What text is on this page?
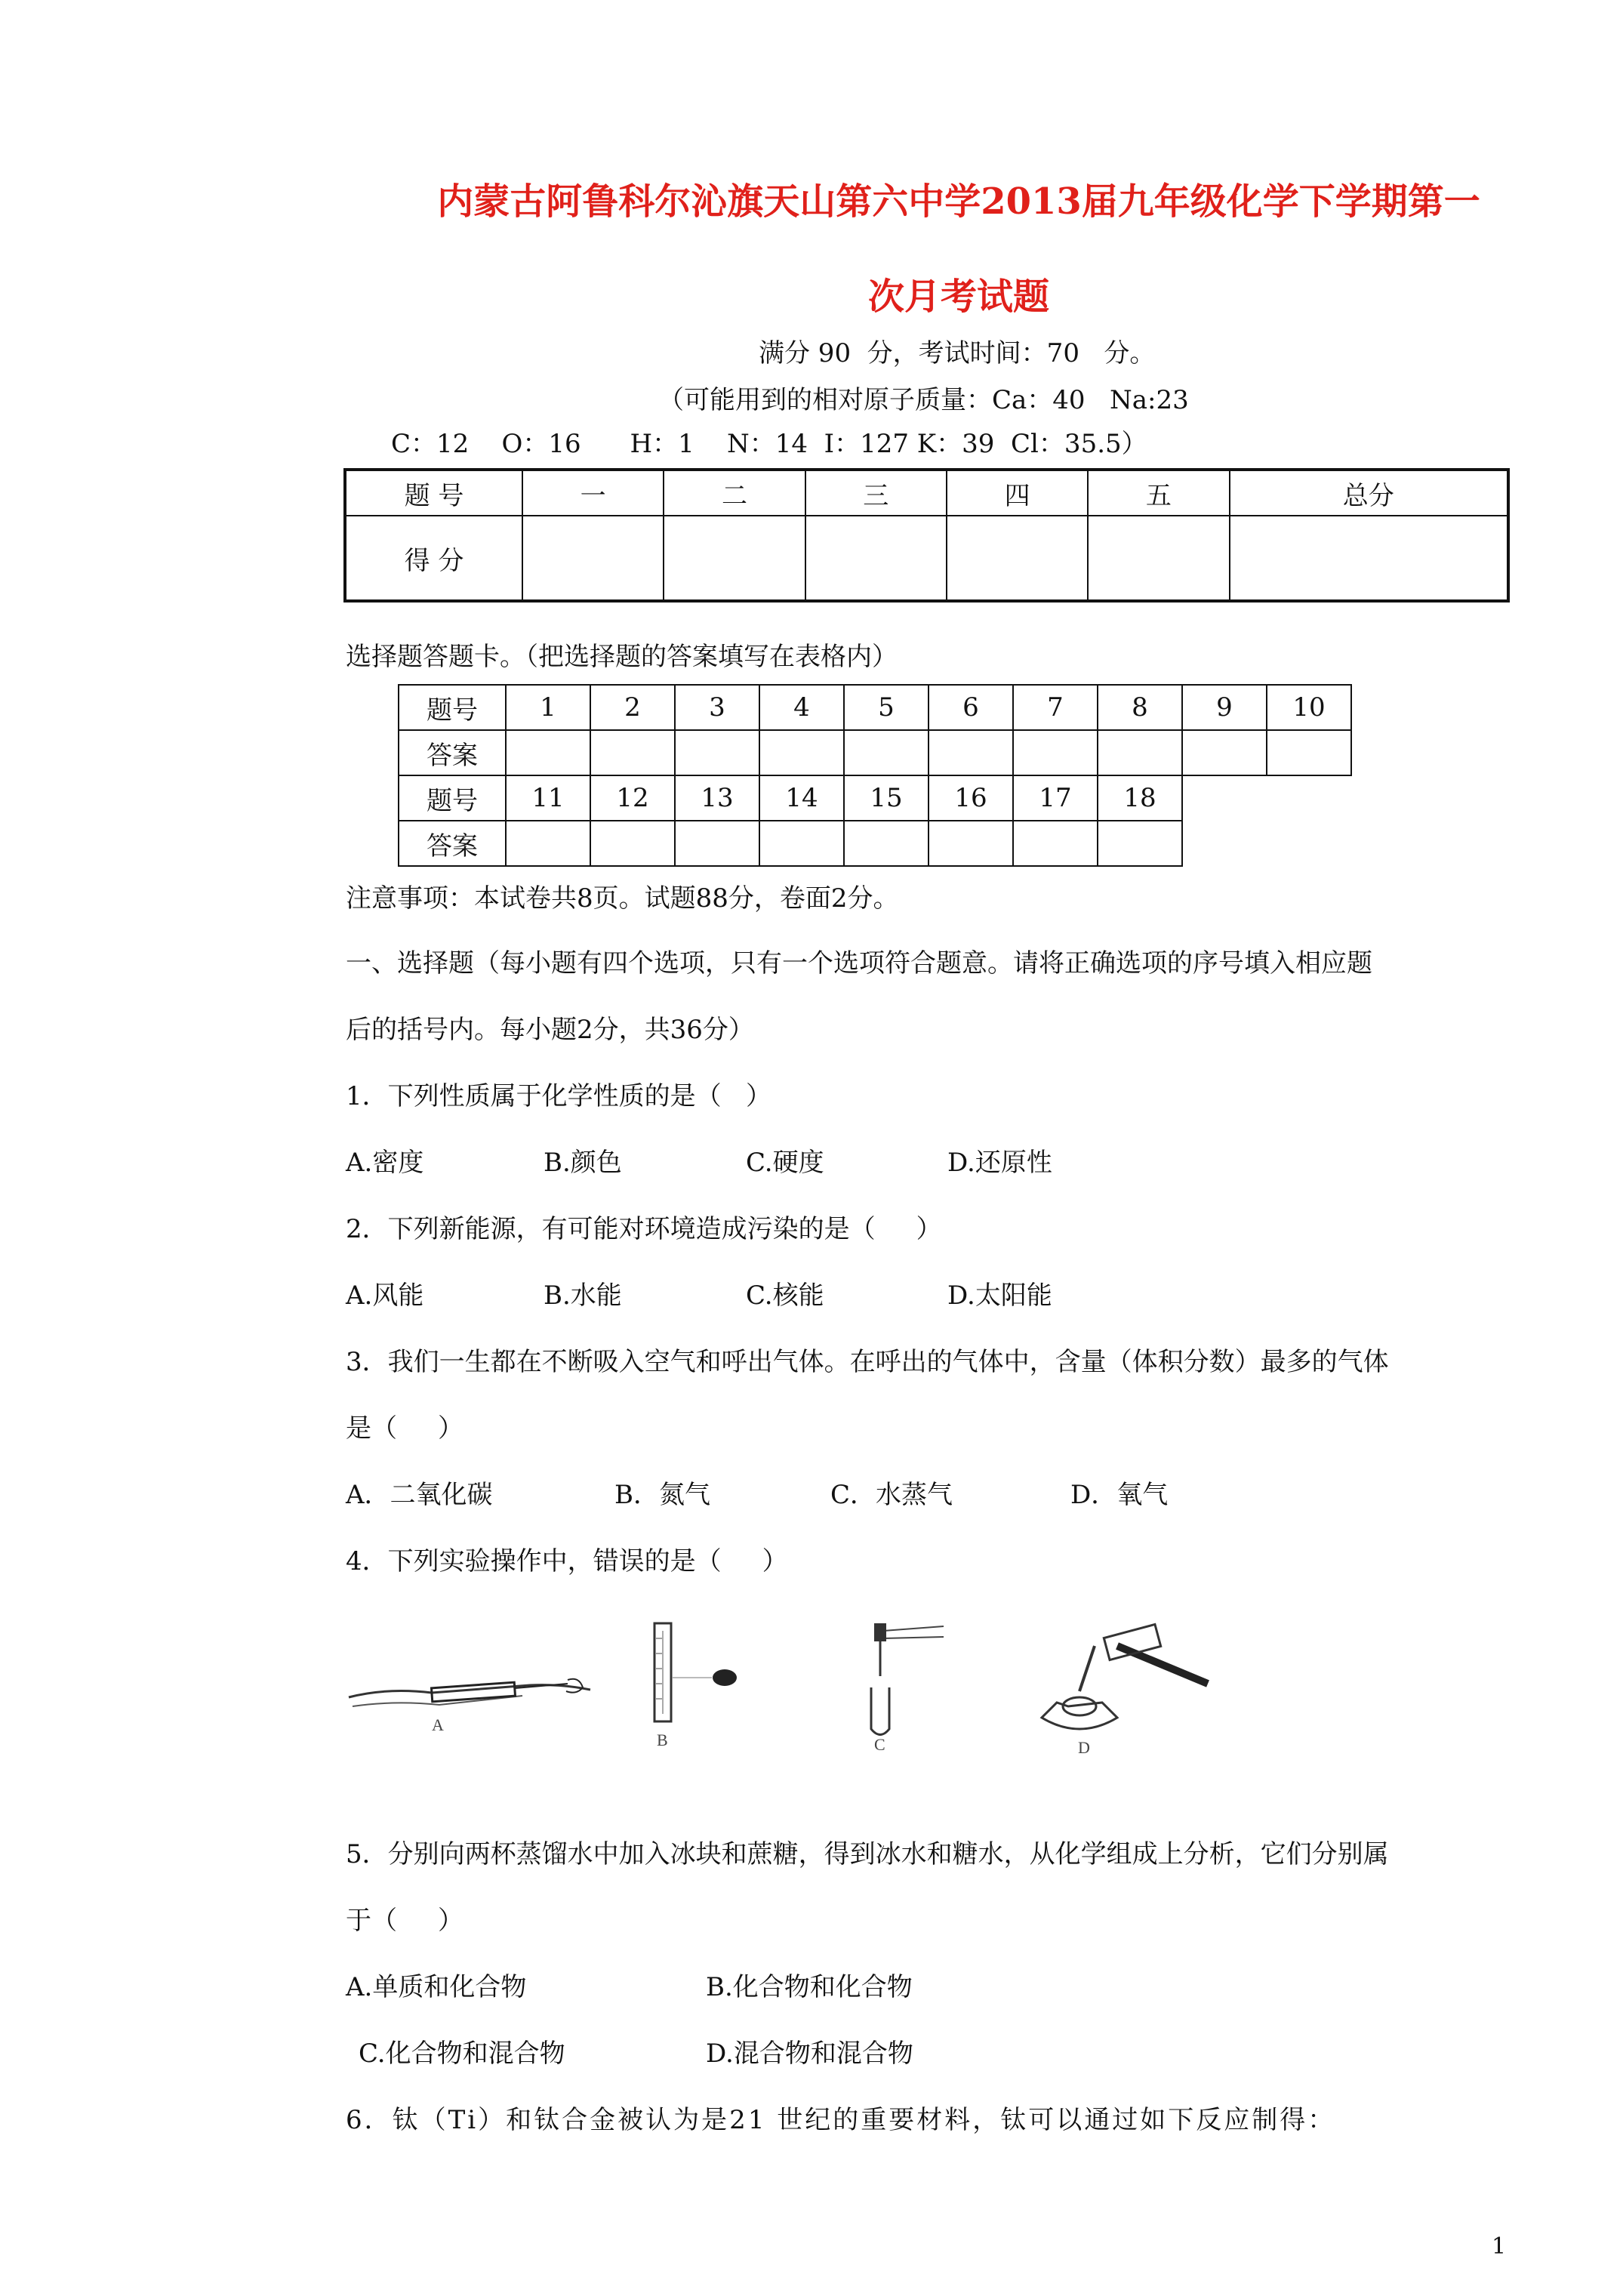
内蒙古阿鲁科尔沁旗天山第六中学2013届九年级化学下学期第一
次月考试题
满分 90  分，考试时间：70   分。
（可能用到的相对原子质量：Ca：40   Na:23
C：12    O：16      H：1    N：14  I：127 K：39  Cl：35.5）
题 号	一	二	三	四	五	总分
得 分						
选择题答题卡。（把选择题的答案填写在表格内）
题号	1	2	3	4	5	6	7	8	9	10
答案										
题号	11	12	13	14	15	16	17	18		
答案										
注意事项：本试卷共8页。试题88分，卷面2分。
一、选择题（每小题有四个选项，只有一个选项符合题意。请将正确选项的序号填入相应题
后的括号内。每小题2分，共36分）
1．下列性质属于化学性质的是（   ）
A.密度	B.颜色	C.硬度	D.还原性
2．下列新能源，有可能对环境造成污染的是（     ）
A.风能	B.水能	C.核能	D.太阳能
3．我们一生都在不断吸入空气和呼出气体。在呼出的气体中，含量（体积分数）最多的气体
是（     ）
A．二氧化碳	B．氮气	C．水蒸气	D．氧气
4．下列实验操作中，错误的是（     ）
A
B	C	D
5．分别向两杯蒸馏水中加入冰块和蔗糖，得到冰水和糖水，从化学组成上分析，它们分别属
于（     ）
A.单质和化合物	B.化合物和化合物
C.化合物和混合物	D.混合物和混合物
6．钛（Ti）和钛合金被认为是21 世纪的重要材料，钛可以通过如下反应制得：
1
